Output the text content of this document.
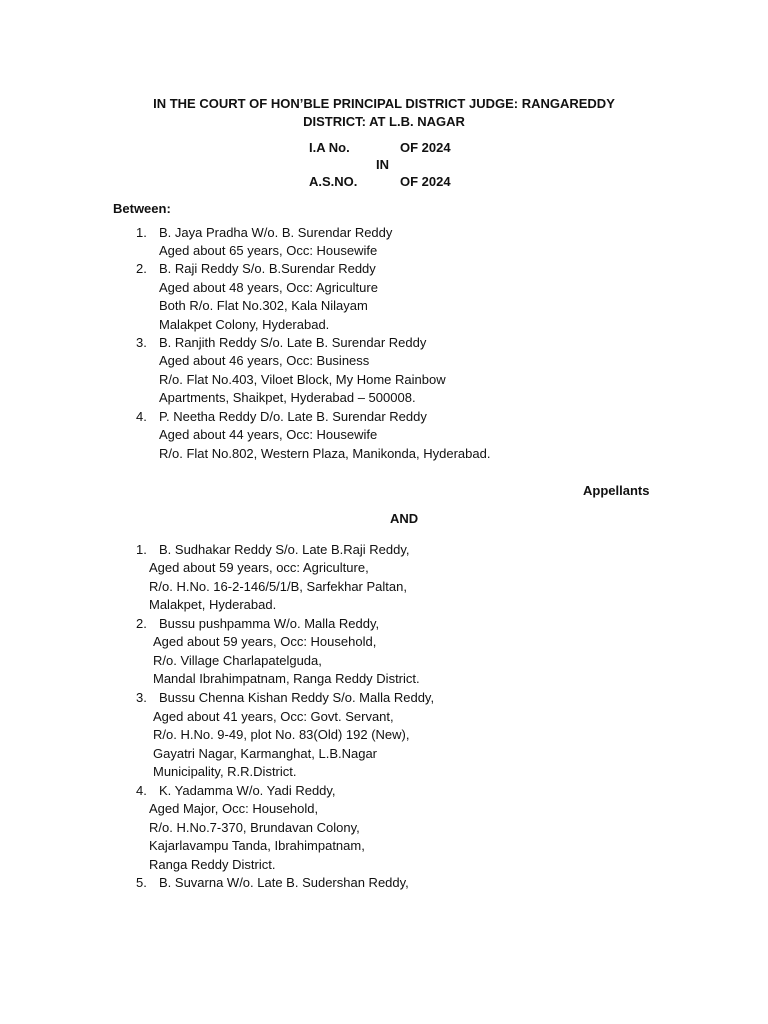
IN THE COURT OF HON’BLE PRINCIPAL DISTRICT JUDGE: RANGAREDDY
DISTRICT: AT L.B. NAGAR
I.A No.	OF 2024
IN
A.S.NO.	OF 2024
Between:
1. B. Jaya Pradha W/o. B. Surendar Reddy
Aged about 65 years, Occ: Housewife
2. B. Raji Reddy S/o. B.Surendar Reddy
Aged about 48 years, Occ: Agriculture
Both R/o. Flat No.302, Kala Nilayam
Malakpet Colony, Hyderabad.
3. B. Ranjith Reddy S/o. Late B. Surendar Reddy
Aged about 46 years, Occ: Business
R/o. Flat No.403, Viloet Block, My Home Rainbow
Apartments, Shaikpet, Hyderabad – 500008.
4. P. Neetha Reddy D/o. Late B. Surendar Reddy
Aged about 44 years, Occ: Housewife
R/o. Flat No.802, Western Plaza, Manikonda, Hyderabad.
Appellants
AND
1. B. Sudhakar Reddy S/o. Late B.Raji Reddy,
Aged about 59 years, occ: Agriculture,
R/o. H.No. 16-2-146/5/1/B, Sarfekhar Paltan,
Malakpet, Hyderabad.
2. Bussu pushpamma W/o. Malla Reddy,
Aged about 59 years, Occ: Household,
R/o. Village Charlapatelguda,
Mandal Ibrahimpatnam, Ranga Reddy District.
3. Bussu Chenna Kishan Reddy S/o. Malla Reddy,
Aged about 41 years, Occ: Govt. Servant,
R/o. H.No. 9-49, plot No. 83(Old) 192 (New),
Gayatri Nagar, Karmanghat, L.B.Nagar
Municipality, R.R.District.
4. K. Yadamma W/o. Yadi Reddy,
Aged Major, Occ: Household,
R/o. H.No.7-370, Brundavan Colony,
Kajarlavampu Tanda, Ibrahimpatnam,
Ranga Reddy District.
5. B. Suvarna W/o. Late B. Sudershan Reddy,
